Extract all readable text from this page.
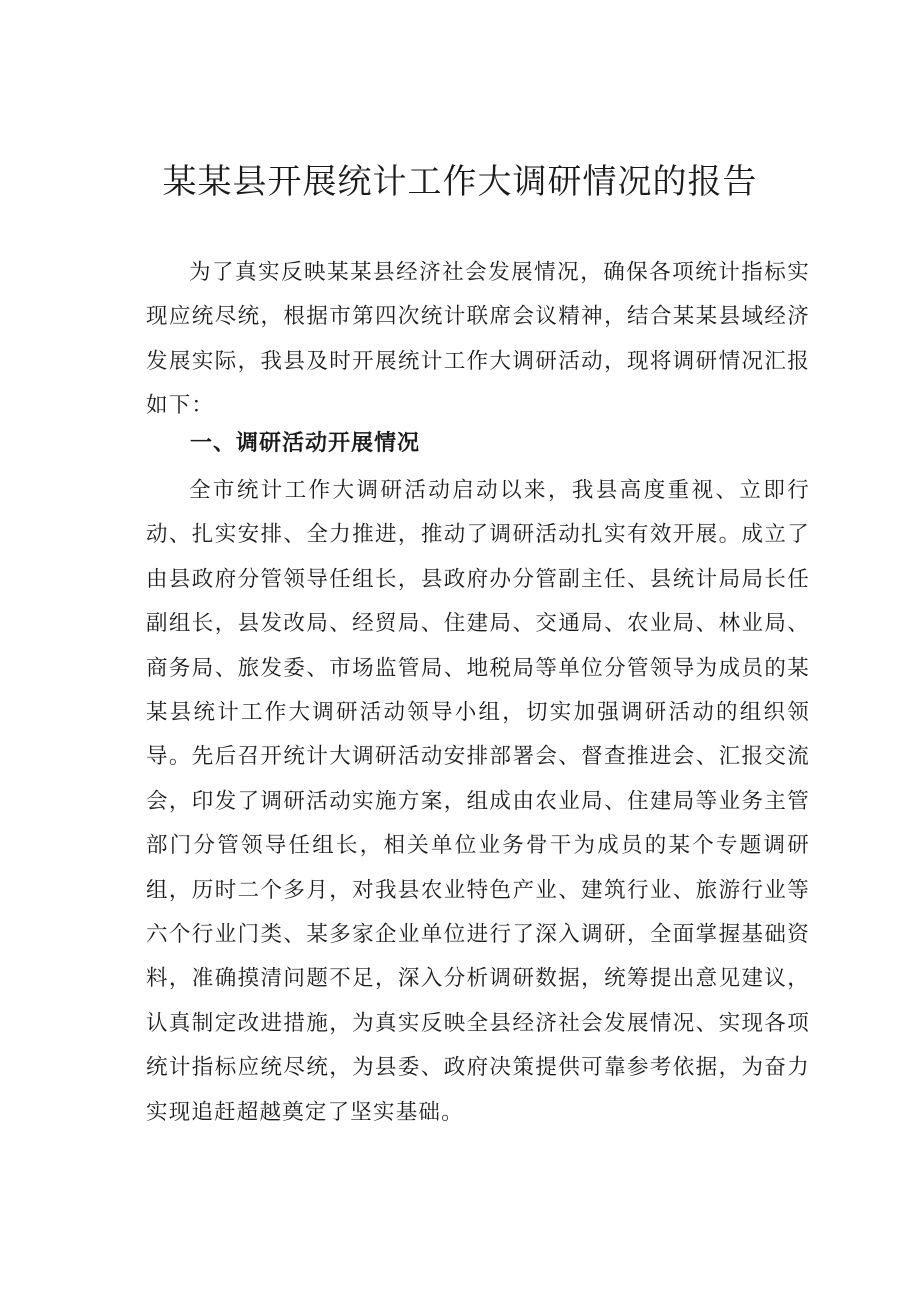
某某县开展统计工作大调研情况的报告

为了真实反映某某县经济社会发展情况，确保各项统计指标实现应统尽统，根据市第四次统计联席会议精神，结合某某县域经济发展实际，我县及时开展统计工作大调研活动，现将调研情况汇报如下：

一、调研活动开展情况

全市统计工作大调研活动启动以来，我县高度重视、立即行动、扎实安排、全力推进，推动了调研活动扎实有效开展。成立了由县政府分管领导任组长，县政府办分管副主任、县统计局局长任副组长，县发改局、经贸局、住建局、交通局、农业局、林业局、商务局、旅发委、市场监管局、地税局等单位分管领导为成员的某某县统计工作大调研活动领导小组，切实加强调研活动的组织领导。先后召开统计大调研活动安排部署会、督查推进会、汇报交流会，印发了调研活动实施方案，组成由农业局、住建局等业务主管部门分管领导任组长，相关单位业务骨干为成员的某个专题调研组，历时二个多月，对我县农业特色产业、建筑行业、旅游行业等六个行业门类、某多家企业单位进行了深入调研，全面掌握基础资料，准确摸清问题不足，深入分析调研数据，统筹提出意见建议，认真制定改进措施，为真实反映全县经济社会发展情况、实现各项统计指标应统尽统，为县委、政府决策提供可靠参考依据，为奋力实现追赶超越奠定了坚实基础。
